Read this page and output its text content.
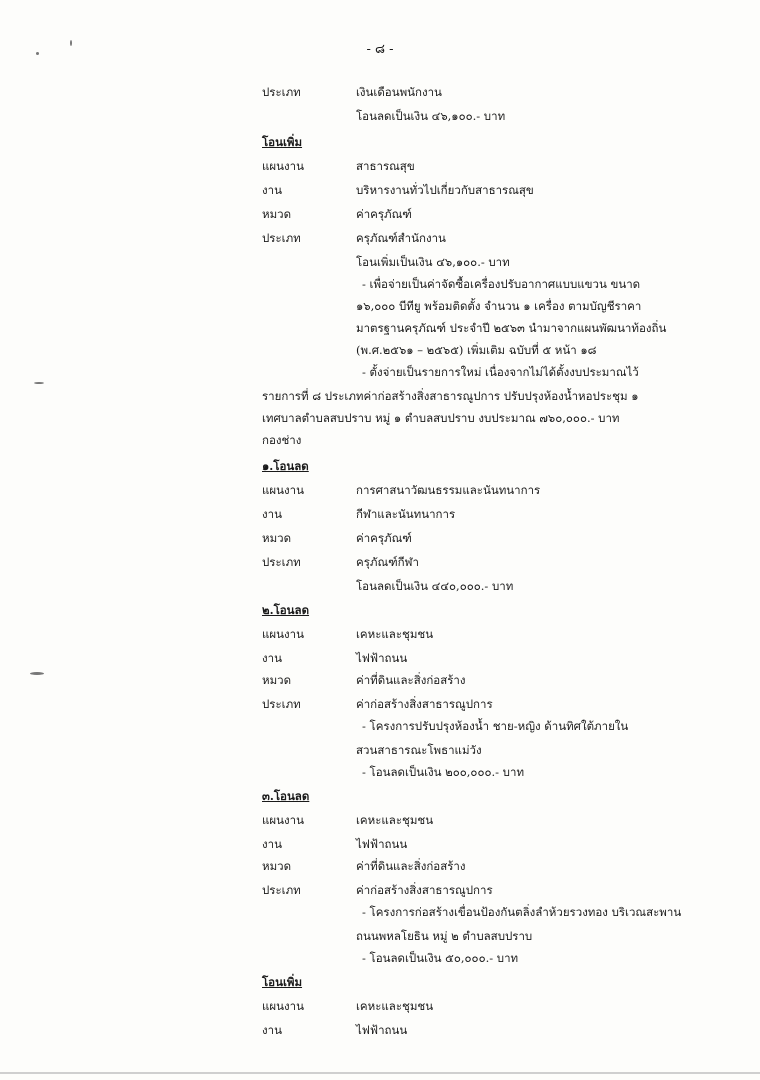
- ๘ -
ประเภท	เงินเดือนพนักงาน
โอนลดเป็นเงิน ๔๖,๑๐๐.- บาท
โอนเพิ่ม
แผนงาน	สาธารณสุข
งาน	บริหารงานทั่วไปเกี่ยวกับสาธารณสุข
หมวด	ค่าครุภัณฑ์
ประเภท	ครุภัณฑ์สำนักงาน
โอนเพิ่มเป็นเงิน ๔๖,๑๐๐.- บาท
- เพื่อจ่ายเป็นค่าจัดซื้อเครื่องปรับอากาศแบบแขวน ขนาด
๑๖,๐๐๐ บีทียู พร้อมติดตั้ง จำนวน ๑ เครื่อง ตามบัญชีราคา
มาตรฐานครุภัณฑ์ ประจำปี ๒๕๖๓ นำมาจากแผนพัฒนาท้องถิ่น
(พ.ศ.๒๕๖๑ – ๒๕๖๕) เพิ่มเติม ฉบับที่ ๕ หน้า ๑๘
- ตั้งจ่ายเป็นรายการใหม่ เนื่องจากไม่ได้ตั้งงบประมาณไว้
รายการที่ ๘ ประเภทค่าก่อสร้างสิ่งสาธารณูปการ ปรับปรุงห้องน้ำหอประชุม ๑
เทศบาลตำบลสบปราบ หมู่ ๑ ตำบลสบปราบ งบประมาณ ๗๖๐,๐๐๐.- บาท
กองช่าง
๑.โอนลด
แผนงาน	การศาสนาวัฒนธรรมและนันทนาการ
งาน	กีฬาและนันทนาการ
หมวด	ค่าครุภัณฑ์
ประเภท	ครุภัณฑ์กีฬา
โอนลดเป็นเงิน ๔๔๐,๐๐๐.- บาท
๒.โอนลด
แผนงาน	เคหะและชุมชน
งาน	ไฟฟ้าถนน
หมวด	ค่าที่ดินและสิ่งก่อสร้าง
ประเภท	ค่าก่อสร้างสิ่งสาธารณูปการ
- โครงการปรับปรุงห้องน้ำ ชาย-หญิง ด้านทิศใต้ภายใน
สวนสาธารณะโพธาแม่วัง
- โอนลดเป็นเงิน ๒๐๐,๐๐๐.- บาท
๓.โอนลด
แผนงาน	เคหะและชุมชน
งาน	ไฟฟ้าถนน
หมวด	ค่าที่ดินและสิ่งก่อสร้าง
ประเภท	ค่าก่อสร้างสิ่งสาธารณูปการ
- โครงการก่อสร้างเขื่อนป้องกันตลิ่งลำห้วยรวงทอง บริเวณสะพาน
ถนนพหลโยธิน หมู่ ๒ ตำบลสบปราบ
- โอนลดเป็นเงิน ๕๐,๐๐๐.- บาท
โอนเพิ่ม
แผนงาน	เคหะและชุมชน
งาน	ไฟฟ้าถนน
